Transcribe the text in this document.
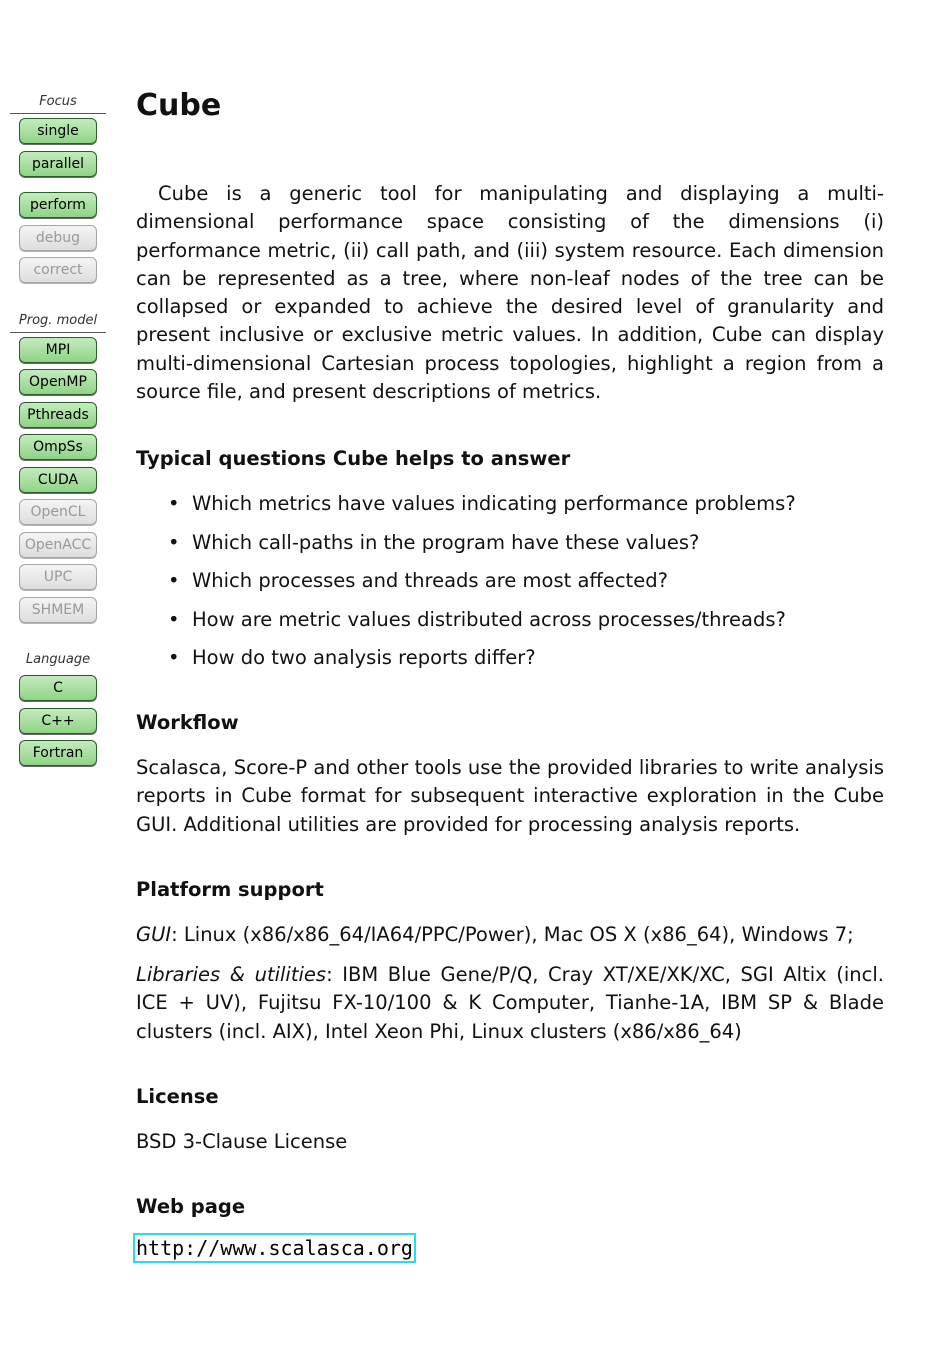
Focus
single
parallel
perform
debug
correct
Prog. model
MPI
OpenMP
Pthreads
OmpSs
CUDA
OpenCL
OpenACC
UPC
SHMEM
Language
C
C++
Fortran
Cube

Cube is a generic tool for manipulating and displaying a multi-dimensional performance space consisting of the dimensions (i) performance metric, (ii) call path, and (iii) system resource. Each dimension can be represented as a tree, where non-leaf nodes of the tree can be collapsed or expanded to achieve the desired level of granularity and present inclusive or exclusive metric values. In addition, Cube can display multi-dimensional Cartesian process topologies, highlight a region from a source file, and present descriptions of metrics.

Typical questions Cube helps to answer
• Which metrics have values indicating performance problems?
• Which call-paths in the program have these values?
• Which processes and threads are most affected?
• How are metric values distributed across processes/threads?
• How do two analysis reports differ?
Workflow

Scalasca, Score-P and other tools use the provided libraries to write analysis reports in Cube format for subsequent interactive exploration in the Cube GUI. Additional utilities are provided for processing analysis reports.

Platform support

GUI: Linux (x86/x86_64/IA64/PPC/Power), Mac OS X (x86_64), Windows 7;

Libraries & utilities: IBM Blue Gene/P/Q, Cray XT/XE/XK/XC, SGI Altix (incl. ICE + UV), Fujitsu FX-10/100 & K Computer, Tianhe-1A, IBM SP & Blade clusters (incl. AIX), Intel Xeon Phi, Linux clusters (x86/x86_64)

License

BSD 3-Clause License

Web page
http://www.scalasca.org
